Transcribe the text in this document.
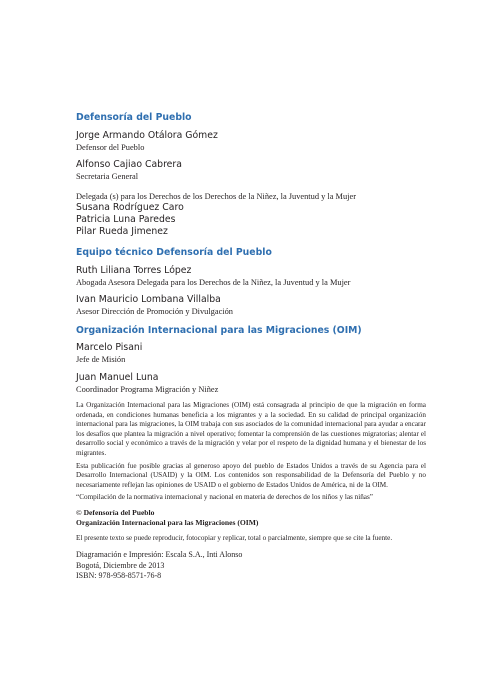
Defensoría del Pueblo
Jorge Armando Otálora Gómez
Defensor del Pueblo
Alfonso Cajiao Cabrera
Secretaria General
Delegada (s) para los Derechos de los Derechos de la Niñez, la Juventud y la Mujer
Susana Rodríguez Caro
Patricia Luna Paredes
Pilar Rueda Jimenez
Equipo técnico Defensoría del Pueblo
Ruth Liliana Torres López
Abogada Asesora Delegada para los Derechos de la Niñez, la Juventud y la Mujer
Ivan Mauricio Lombana Villalba
Asesor Dirección de Promoción y Divulgación
Organización Internacional para las Migraciones (OIM)
Marcelo Pisani
Jefe de Misión
Juan Manuel Luna
Coordinador Programa Migración y Niñez

La Organización Internacional para las Migraciones (OIM) está consagrada al principio de que la migración en forma ordenada, en condiciones humanas beneficia a los migrantes y a la sociedad. En su calidad de principal organización internacional para las migraciones, la OIM trabaja con sus asociados de la comunidad internacional para ayudar a encarar los desafíos que plantea la migración a nivel operativo; fomentar la comprensión de las cuestiones migratorias; alentar el desarrollo social y económico a través de la migración y velar por el respeto de la dignidad humana y el bienestar de los migrantes.

Esta publicación fue posible gracias al generoso apoyo del pueblo de Estados Unidos a través de su Agencia para el Desarrollo Internacional (USAID) y la OIM. Los contenidos son responsabilidad de la Defensoría del Pueblo y no necesariamente reflejan las opiniones de USAID o el gobierno de Estados Unidos de América, ni de la OIM.

“Compilación de la normativa internacional y nacional en materia de derechos de los niños y las niñas”

© Defensoría del Pueblo
Organización Internacional para las Migraciones (OIM)

El presente texto se puede reproducir, fotocopiar y replicar, total o parcialmente, siempre que se cite la fuente.

Diagramación e Impresión: Escala S.A., Inti Alonso
Bogotá, Diciembre de 2013
ISBN: 978-958-8571-76-8
